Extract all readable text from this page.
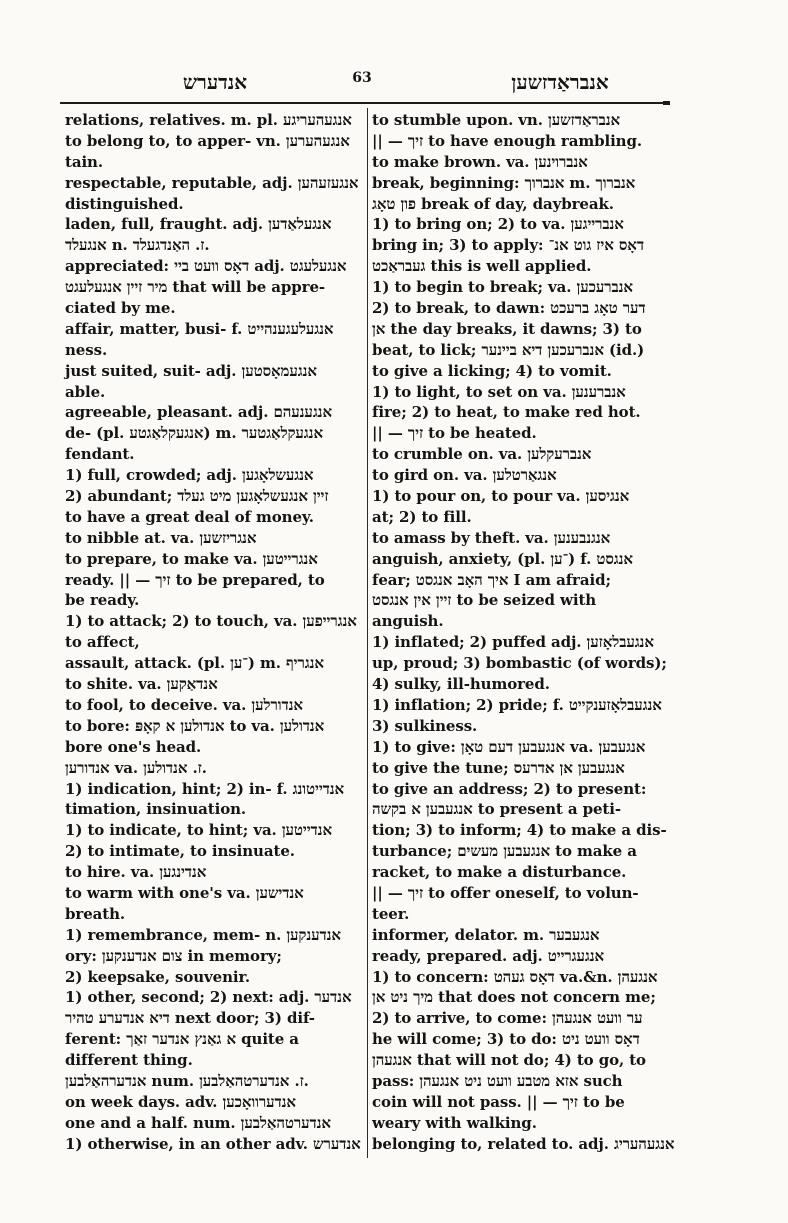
אנדערש	63	אנבראַדזשען
relations, relatives. m. pl. אנגעהעריגע
to belong to, to apper- vn. אנגעהערען
tain.
respectable, reputable, adj. אנגעזעהען
distinguished.
laden, full, fraught. adj. אנגעלאַדען
אנגעלד n. ז. האַנדגעלד.
appreciated: דאָס וועט ביי adj. אנגעלעגט
מיר זיין אנגעלעגט that will be appre-
ciated by me.
affair, matter, busi- f. אנגעלעגענהייט
ness.
just suited, suit- adj. אנגעמאָסטען
able.
agreeable, pleasant. adj. אנגענעהם
de- (pl. אנגעקלאַגטע) m. אנגעקלאַגטער
fendant.
1) full, crowded; adj. אנגעשלאָגען
2) abundant; זיין אנגעשלאָגען מיט געלד
to have a great deal of money.
to nibble at. va. אנגריזשען
to prepare, to make va. אנגרייטען
ready. || — זיך to be prepared, to
be ready.
1) to attack; 2) to touch, va. אנגרייפען
to affect,
assault, attack. (pl. ־ען) m. אנגריף
to shite. va. אנדאַקען
to fool, to deceive. va. אנדורלען
to bore: אנדולען א קאָפּ to va. אנדולען
bore one's head.
אנדורען va. ז. אנדולען.
1) indication, hint; 2) in- f. אנדייטונג
timation, insinuation.
1) to indicate, to hint; va. אנדייטען
2) to intimate, to insinuate.
to hire. va. אנדינגען
to warm with one's va. אנדישען
breath.
1) remembrance, mem- n. אנדענקען
ory: צום אנדענקען in memory;
2) keepsake, souvenir.
1) other, second; 2) next: adj. אנדער
דיא אנדערע טהיר next door; 3) dif-
ferent: א גאַנץ אנדער זאַך quite a
different thing.
אנדערהאַלבען num. ז. אנדערטהאַלבען.
on week days. adv. אנדערוואָכען
one and a half. num. אנדערטהאַלבען
1) otherwise, in an other adv. אנדערש
to stumble upon. vn. אנבראַדזשען
|| — זיך to have enough rambling.
to make brown. va. אנברוינען
break, beginning: אנברוך m. אנברוך
פון טאָג break of day, daybreak.
1) to bring on; 2) to va. אנברייגען
bring in; 3) to apply: דאָס איז גוט אנ־
געבראַכט this is well applied.
1) to begin to break; va. אנברעכען
2) to break, to dawn: דער טאָג ברעכט
אן the day breaks, it dawns; 3) to
beat, to lick; אנברעכען דיא ביינער (id.)
to give a licking; 4) to vomit.
1) to light, to set on va. אנברענען
fire; 2) to heat, to make red hot.
|| — זיך to be heated.
to crumble on. va. אנברעקלען
to gird on. va. אנגאַרטלען
1) to pour on, to pour va. אנגיסען
at; 2) to fill.
to amass by theft. va. אנגנבענען
anguish, anxiety, (pl. ־ען) f. אנגסט
fear; איך האָב אנגסט I am afraid;
זיין אין אנגסט to be seized with
anguish.
1) inflated; 2) puffed adj. אנגעבלאָזען
up, proud; 3) bombastic (of words);
4) sulky, ill-humored.
1) inflation; 2) pride; f. אנגעבלאָזענקייט
3) sulkiness.
1) to give: אנגעבען דעם טאָן va. אנגעבען
to give the tune; אנגעבען אן אדרעס
to give an address; 2) to present:
אנגעבען א בקשה to present a peti-
tion; 3) to inform; 4) to make a dis-
turbance; אנגעבען מעשים to make a
racket, to make a disturbance.
|| — זיך to offer oneself, to volun-
teer.
informer, delator. m. אנגעבער
ready, prepared. adj. אנגעגרייט
1) to concern: דאָס געהט va.&n. אנגעהן
מיך ניט אן that does not concern me;
2) to arrive, to come: ער וועט אנגעהן
he will come; 3) to do: דאָס וועט ניט
אנגעהן that will not do; 4) to go, to
pass: אזא מטבע וועט ניט אנגעהן such
coin will not pass. || — זיך to be
weary with walking.
belonging to, related to. adj. אנגעהעריג
